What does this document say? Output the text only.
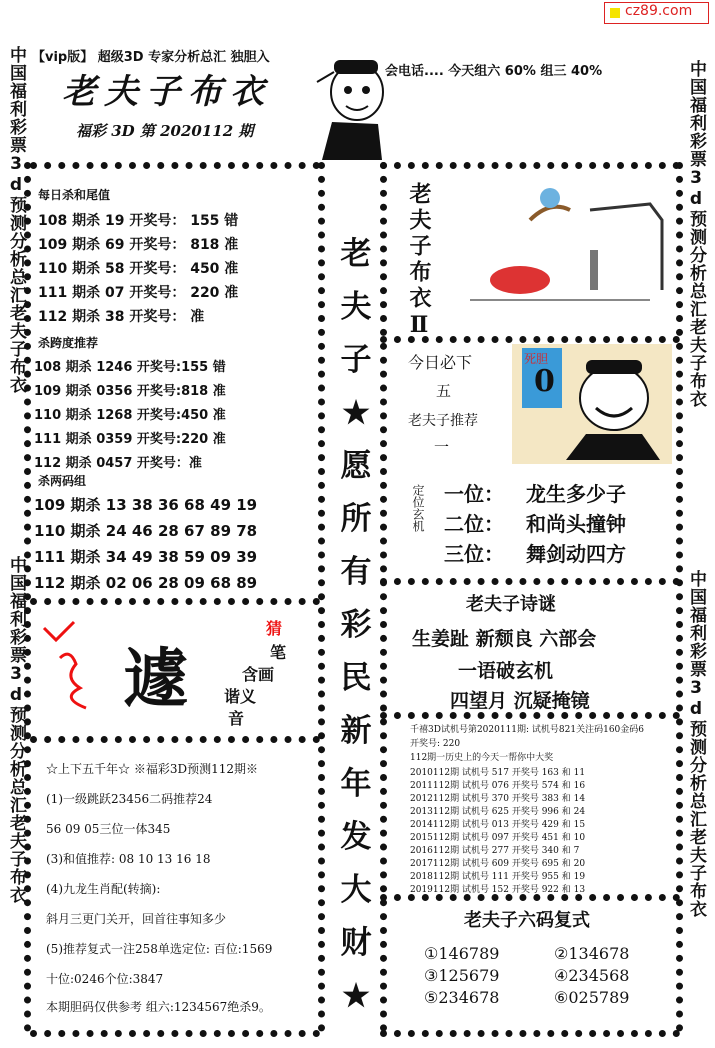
cz89.com
【vip版】 超级3D 专家分析总汇 独胆入
会电话.... 今天组六 60% 组三 40%
老夫子布衣
福彩 3D 第 2020112 期
中国福利彩票3d预测分析总汇老夫子布衣
中国福利彩票3d预测分析总汇老夫子布衣
中国福利彩票3d预测分析总汇老夫子布衣
中国福利彩票3d预测分析总汇老夫子布衣
每日杀和尾值
108 期杀 19 开奖号： 155 错
109 期杀 69 开奖号： 818 准
110 期杀 58 开奖号： 450 准
111 期杀 07 开奖号： 220 准
112 期杀 38 开奖号： 准
杀跨度推荐
108 期杀 1246 开奖号:155 错
109 期杀 0356 开奖号:818 准
110 期杀 1268 开奖号:450 准
111 期杀 0359 开奖号:220 准
112 期杀 0457 开奖号：准
杀两码组
109 期杀 13 38 36 68 49 19
110 期杀 24 46 28 67 89 78
111 期杀 34 49 38 59 09 39
112 期杀 02 06 28 09 68 89
遽
猜
笔
含画
谐义
音
☆上下五千年☆ ※福彩3D预测112期※
(1)一级跳跃23456二码推荐24
56 09 05三位一体345
(3)和值推荐: 08 10 13 16 18
(4)九龙生肖配(转摘):
斜月三更门关开，回首往事知多少
(5)推荐复式一注258单选定位: 百位:1569
十位:0246个位:3847
本期胆码仅供参考 组六:1234567绝杀9。
老
夫
子
★
愿
所
有
彩
民
新
年
发
大
财
★
老夫子布衣Ⅱ
今日必下
五
老夫子推荐
一
死胆
0
定位玄机 一位： 龙生多少子
二位： 和尚头撞钟
三位： 舞剑动四方
老夫子诗谜
生姜趾 新颓良 六部会
一语破玄机
四望月 沉疑掩镜
千禧3D试机号第2020111期: 试机号821关注码160金码6
开奖号: 220
112期一历史上的今天一帮你中大奖
2010112期 试机号 517 开奖号 163 和 11
2011112期 试机号 076 开奖号 574 和 16
2012112期 试机号 370 开奖号 383 和 14
2013112期 试机号 625 开奖号 996 和 24
2014112期 试机号 013 开奖号 429 和 15
2015112期 试机号 097 开奖号 451 和 10
2016112期 试机号 277 开奖号 340 和 7
2017112期 试机号 609 开奖号 695 和 20
2018112期 试机号 111 开奖号 955 和 19
2019112期 试机号 152 开奖号 922 和 13
老夫子六码复式
①146789	②134678
③125679	④234568
⑤234678	⑥025789
